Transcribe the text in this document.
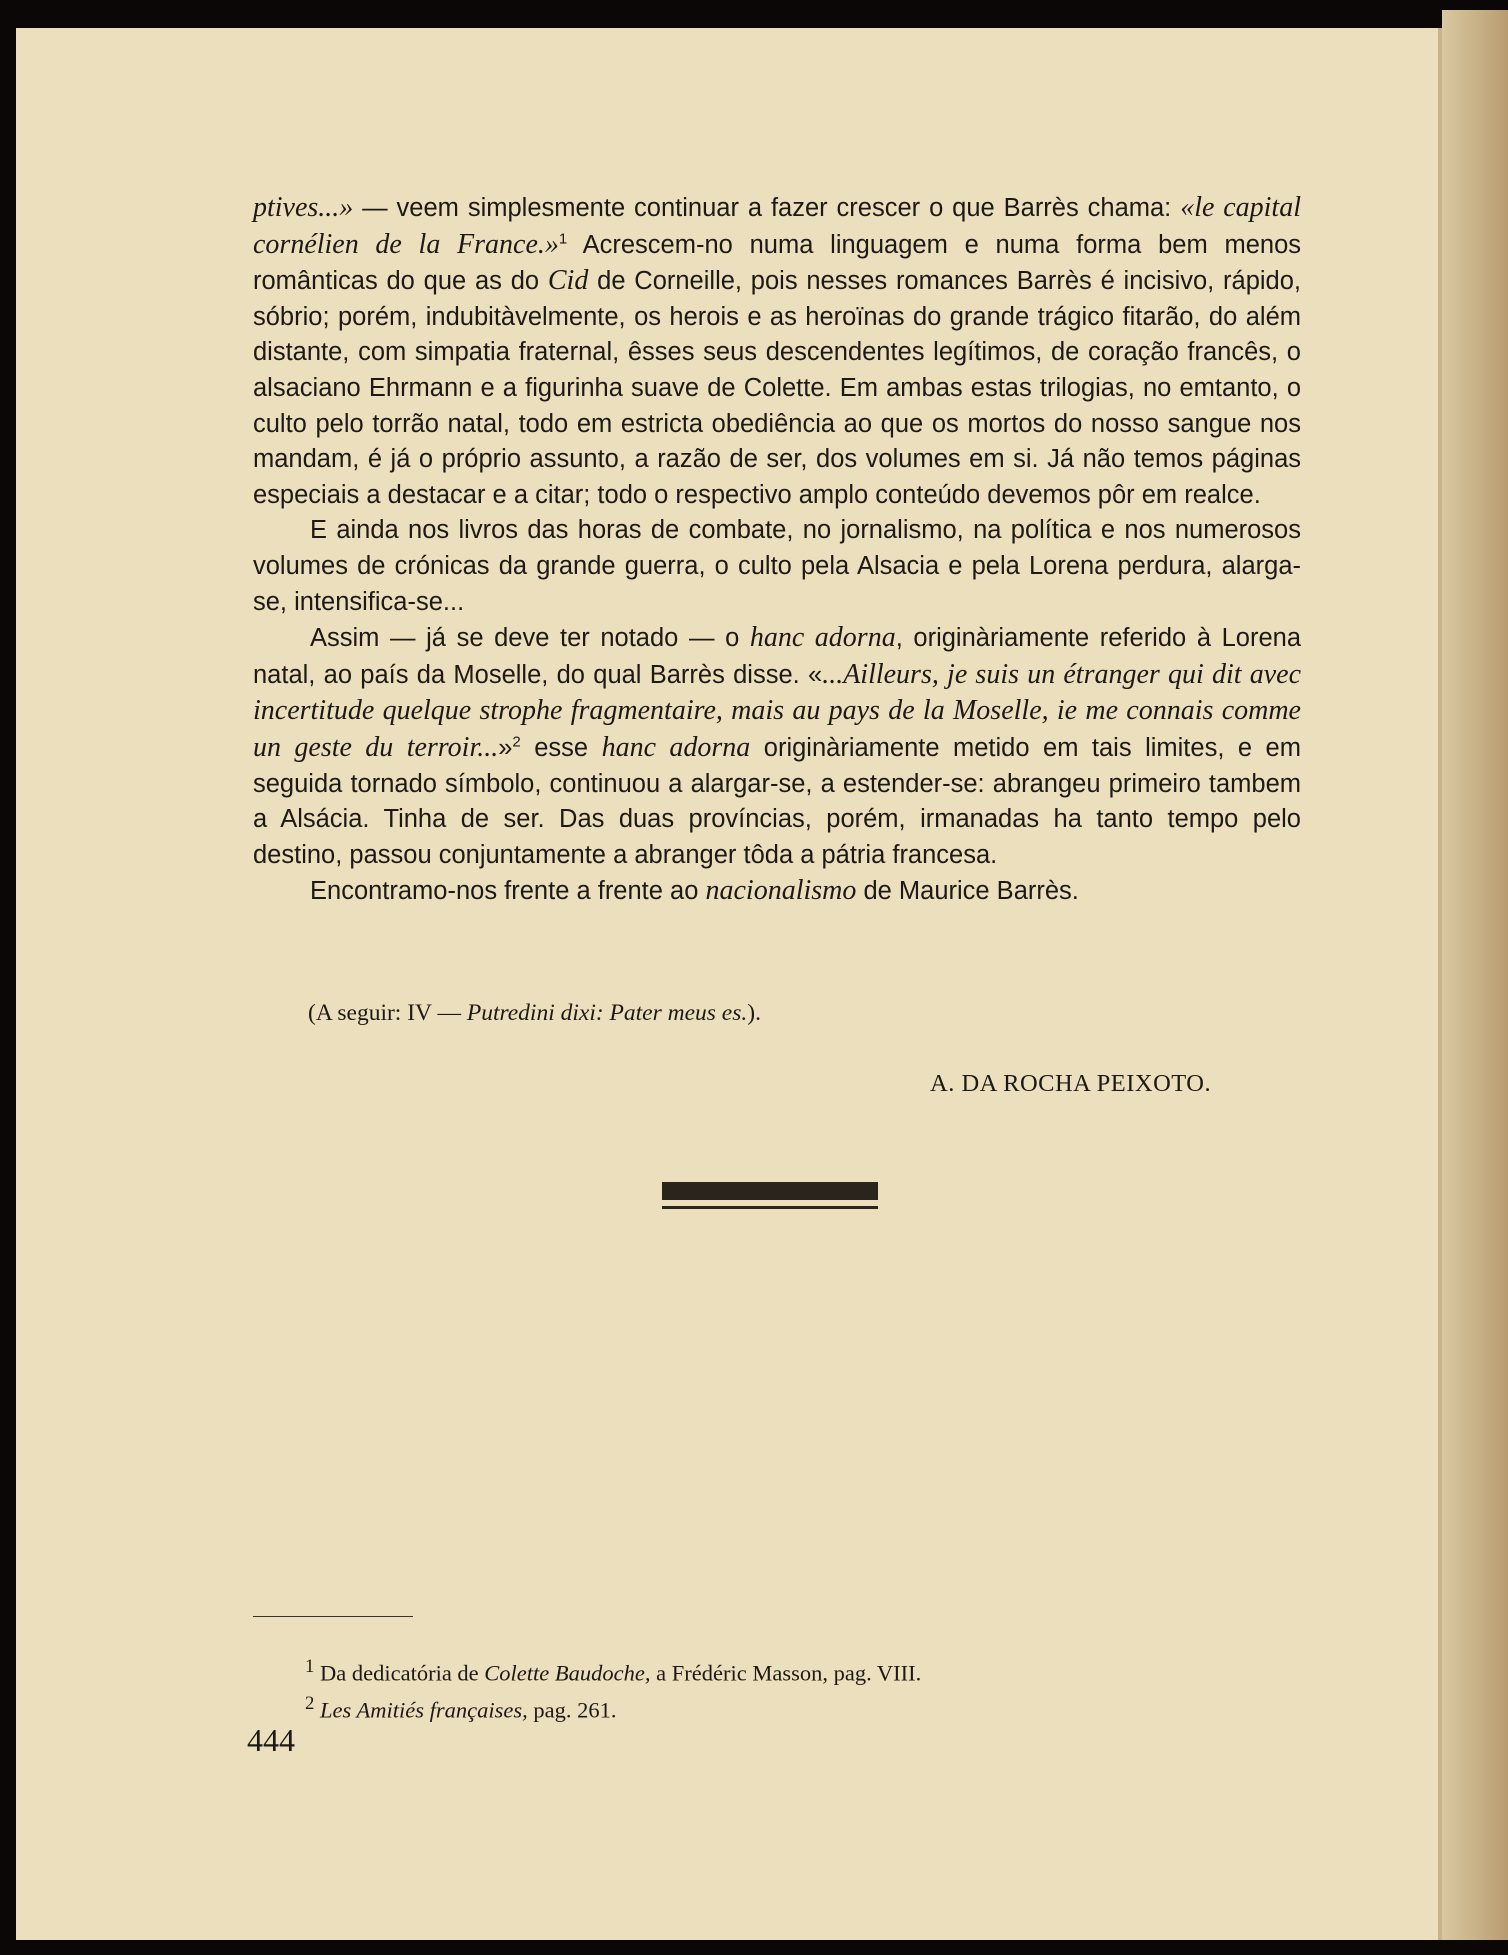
ptives...» — veem simplesmente continuar a fazer crescer o que Barrès chama: «le capital cornélien de la France.»$^1$ Acrescem-no numa linguagem e numa forma bem menos românticas do que as do Cid de Corneille, pois nesses romances Barrès é incisivo, rápido, sóbrio; porém, indubitàvelmente, os herois e as heroïnas do grande trágico fitarão, do além distante, com simpatia fraternal, êsses seus descendentes legítimos, de coração francês, o alsaciano Ehrmann e a figurinha suave de Colette. Em ambas estas trilogias, no emtanto, o culto pelo torrão natal, todo em estricta obediência ao que os mortos do nosso sangue nos mandam, é já o próprio assunto, a razão de ser, dos volumes em si. Já não temos páginas especiais a destacar e a citar; todo o respectivo amplo conteúdo devemos pôr em realce.

E ainda nos livros das horas de combate, no jornalismo, na política e nos numerosos volumes de crónicas da grande guerra, o culto pela Alsacia e pela Lorena perdura, alarga-se, intensifica-se...

Assim — já se deve ter notado — o hanc adorna, originàriamente referido à Lorena natal, ao país da Moselle, do qual Barrès disse. «...Ailleurs, je suis un étranger qui dit avec incertitude quelque strophe fragmentaire, mais au pays de la Moselle, ie me connais comme un geste du terroir...»$^2$ esse hanc adorna originàriamente metido em tais limites, e em seguida tornado símbolo, continuou a alargar-se, a estender-se: abrangeu primeiro tambem a Alsácia. Tinha de ser. Das duas províncias, porém, irmanadas ha tanto tempo pelo destino, passou conjuntamente a abranger tôda a pátria francesa.

Encontramo-nos frente a frente ao nacionalismo de Maurice Barrès.

(A seguir: IV — Putredini dixi: Pater meus es.).
A. DA ROCHA PEIXOTO.
$^1$ Da dedicatória de Colette Baudoche, a Frédéric Masson, pag. VIII.
$^2$ Les Amitiés françaises, pag. 261.
444
